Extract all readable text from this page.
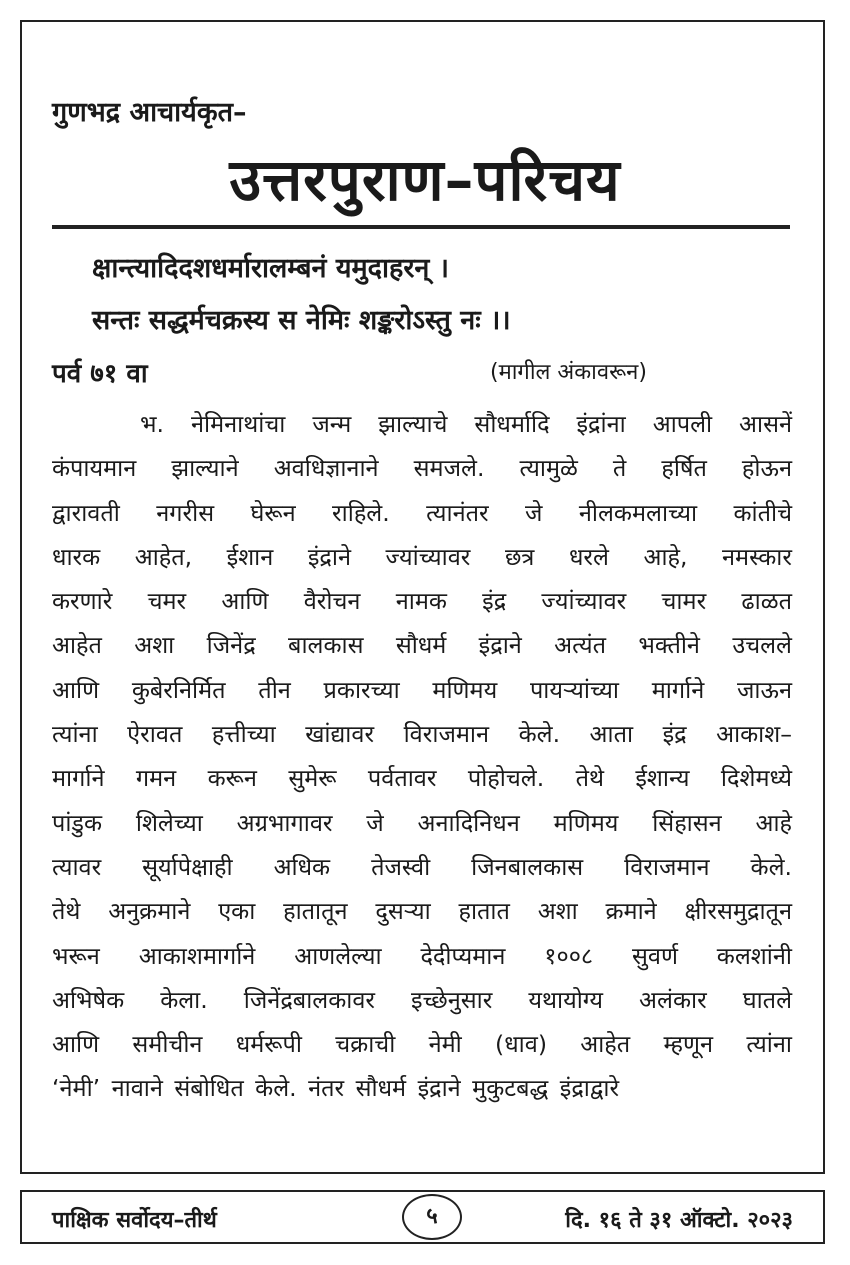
गुणभद्र आचार्यकृत–
उत्तरपुराण–परिचय
क्षान्त्यादिदशधर्मारालम्बनं यमुदाहरन् ।
सन्तः सद्धर्मचक्रस्य स नेमिः शङ्करोऽस्तु नः ।।
पर्व ७१ वा	(मागील अंकावरून)
भ. नेमिनाथांचा जन्म झाल्याचे सौधर्मादि इंद्रांना आपली आसनें
कंपायमान झाल्याने अवधिज्ञानाने समजले. त्यामुळे ते हर्षित होऊन
द्वारावती नगरीस घेरून राहिले. त्यानंतर जे नीलकमलाच्या कांतीचे
धारक आहेत, ईशान इंद्राने ज्यांच्यावर छत्र धरले आहे, नमस्कार
करणारे चमर आणि वैरोचन नामक इंद्र ज्यांच्यावर चामर ढाळत
आहेत अशा जिनेंद्र बालकास सौधर्म इंद्राने अत्यंत भक्तीने उचलले
आणि कुबेरनिर्मित तीन प्रकारच्या मणिमय पायऱ्यांच्या मार्गाने जाऊन
त्यांना ऐरावत हत्तीच्या खांद्यावर विराजमान केले. आता इंद्र आकाश–
मार्गाने गमन करून सुमेरू पर्वतावर पोहोचले. तेथे ईशान्य दिशेमध्ये
पांडुक शिलेच्या अग्रभागावर जे अनादिनिधन मणिमय सिंहासन आहे
त्यावर सूर्यापेक्षाही अधिक तेजस्वी जिनबालकास विराजमान केले.
तेथे अनुक्रमाने एका हातातून दुसऱ्या हातात अशा क्रमाने क्षीरसमुद्रातून
भरून आकाशमार्गाने आणलेल्या देदीप्यमान १००८ सुवर्ण कलशांनी
अभिषेक केला. जिनेंद्रबालकावर इच्छेनुसार यथायोग्य अलंकार घातले
आणि समीचीन धर्मरूपी चक्राची नेमी (धाव) आहेत म्हणून त्यांना
‘नेमी’ नावाने संबोधित केले. नंतर सौधर्म इंद्राने मुकुटबद्ध इंद्राद्वारे
पाक्षिक सर्वोदय–तीर्थ	५	दि. १६ ते ३१ ऑक्टो. २०२३
